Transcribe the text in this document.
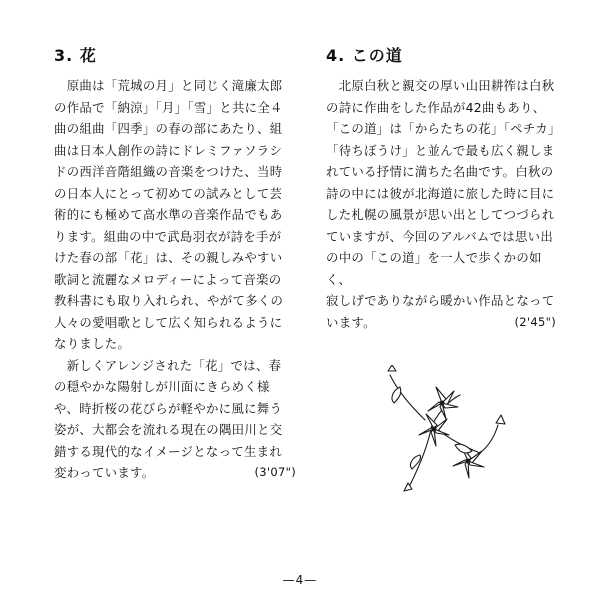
3. 花

　原曲は「荒城の月」と同じく滝廉太郎

の作品で「納涼」「月」「雪」と共に全４

曲の組曲「四季」の春の部にあたり、組

曲は日本人創作の詩にドレミファソラシ

ドの西洋音階組織の音楽をつけた、当時

の日本人にとって初めての試みとして芸

術的にも極めて高水準の音楽作品でもあ

ります。組曲の中で武島羽衣が詩を手が

けた春の部「花」は、その親しみやすい

歌詞と流麗なメロディーによって音楽の

教科書にも取り入れられ、やがて多くの

人々の愛唱歌として広く知られるように

なりました。

　新しくアレンジされた「花」では、春

の穏やかな陽射しが川面にきらめく様

や、時折桜の花びらが軽やかに風に舞う

姿が、大都会を流れる現在の隅田川と交

錯する現代的なイメージとなって生まれ

変わっています。	(3'07")

4. この道

　北原白秋と親交の厚い山田耕筰は白秋

の詩に作曲をした作品が42曲もあり、

「この道」は「からたちの花」「ペチカ」

「待ちぼうけ」と並んで最も広く親しま

れている抒情に満ちた名曲です。白秋の

詩の中には彼が北海道に旅した時に目に

した札幌の風景が思い出としてつづられ

ていますが、今回のアルバムでは思い出

の中の「この道」を一人で歩くかの如く、

寂しげでありながら暖かい作品となって

います。	(2'45")

—4—
